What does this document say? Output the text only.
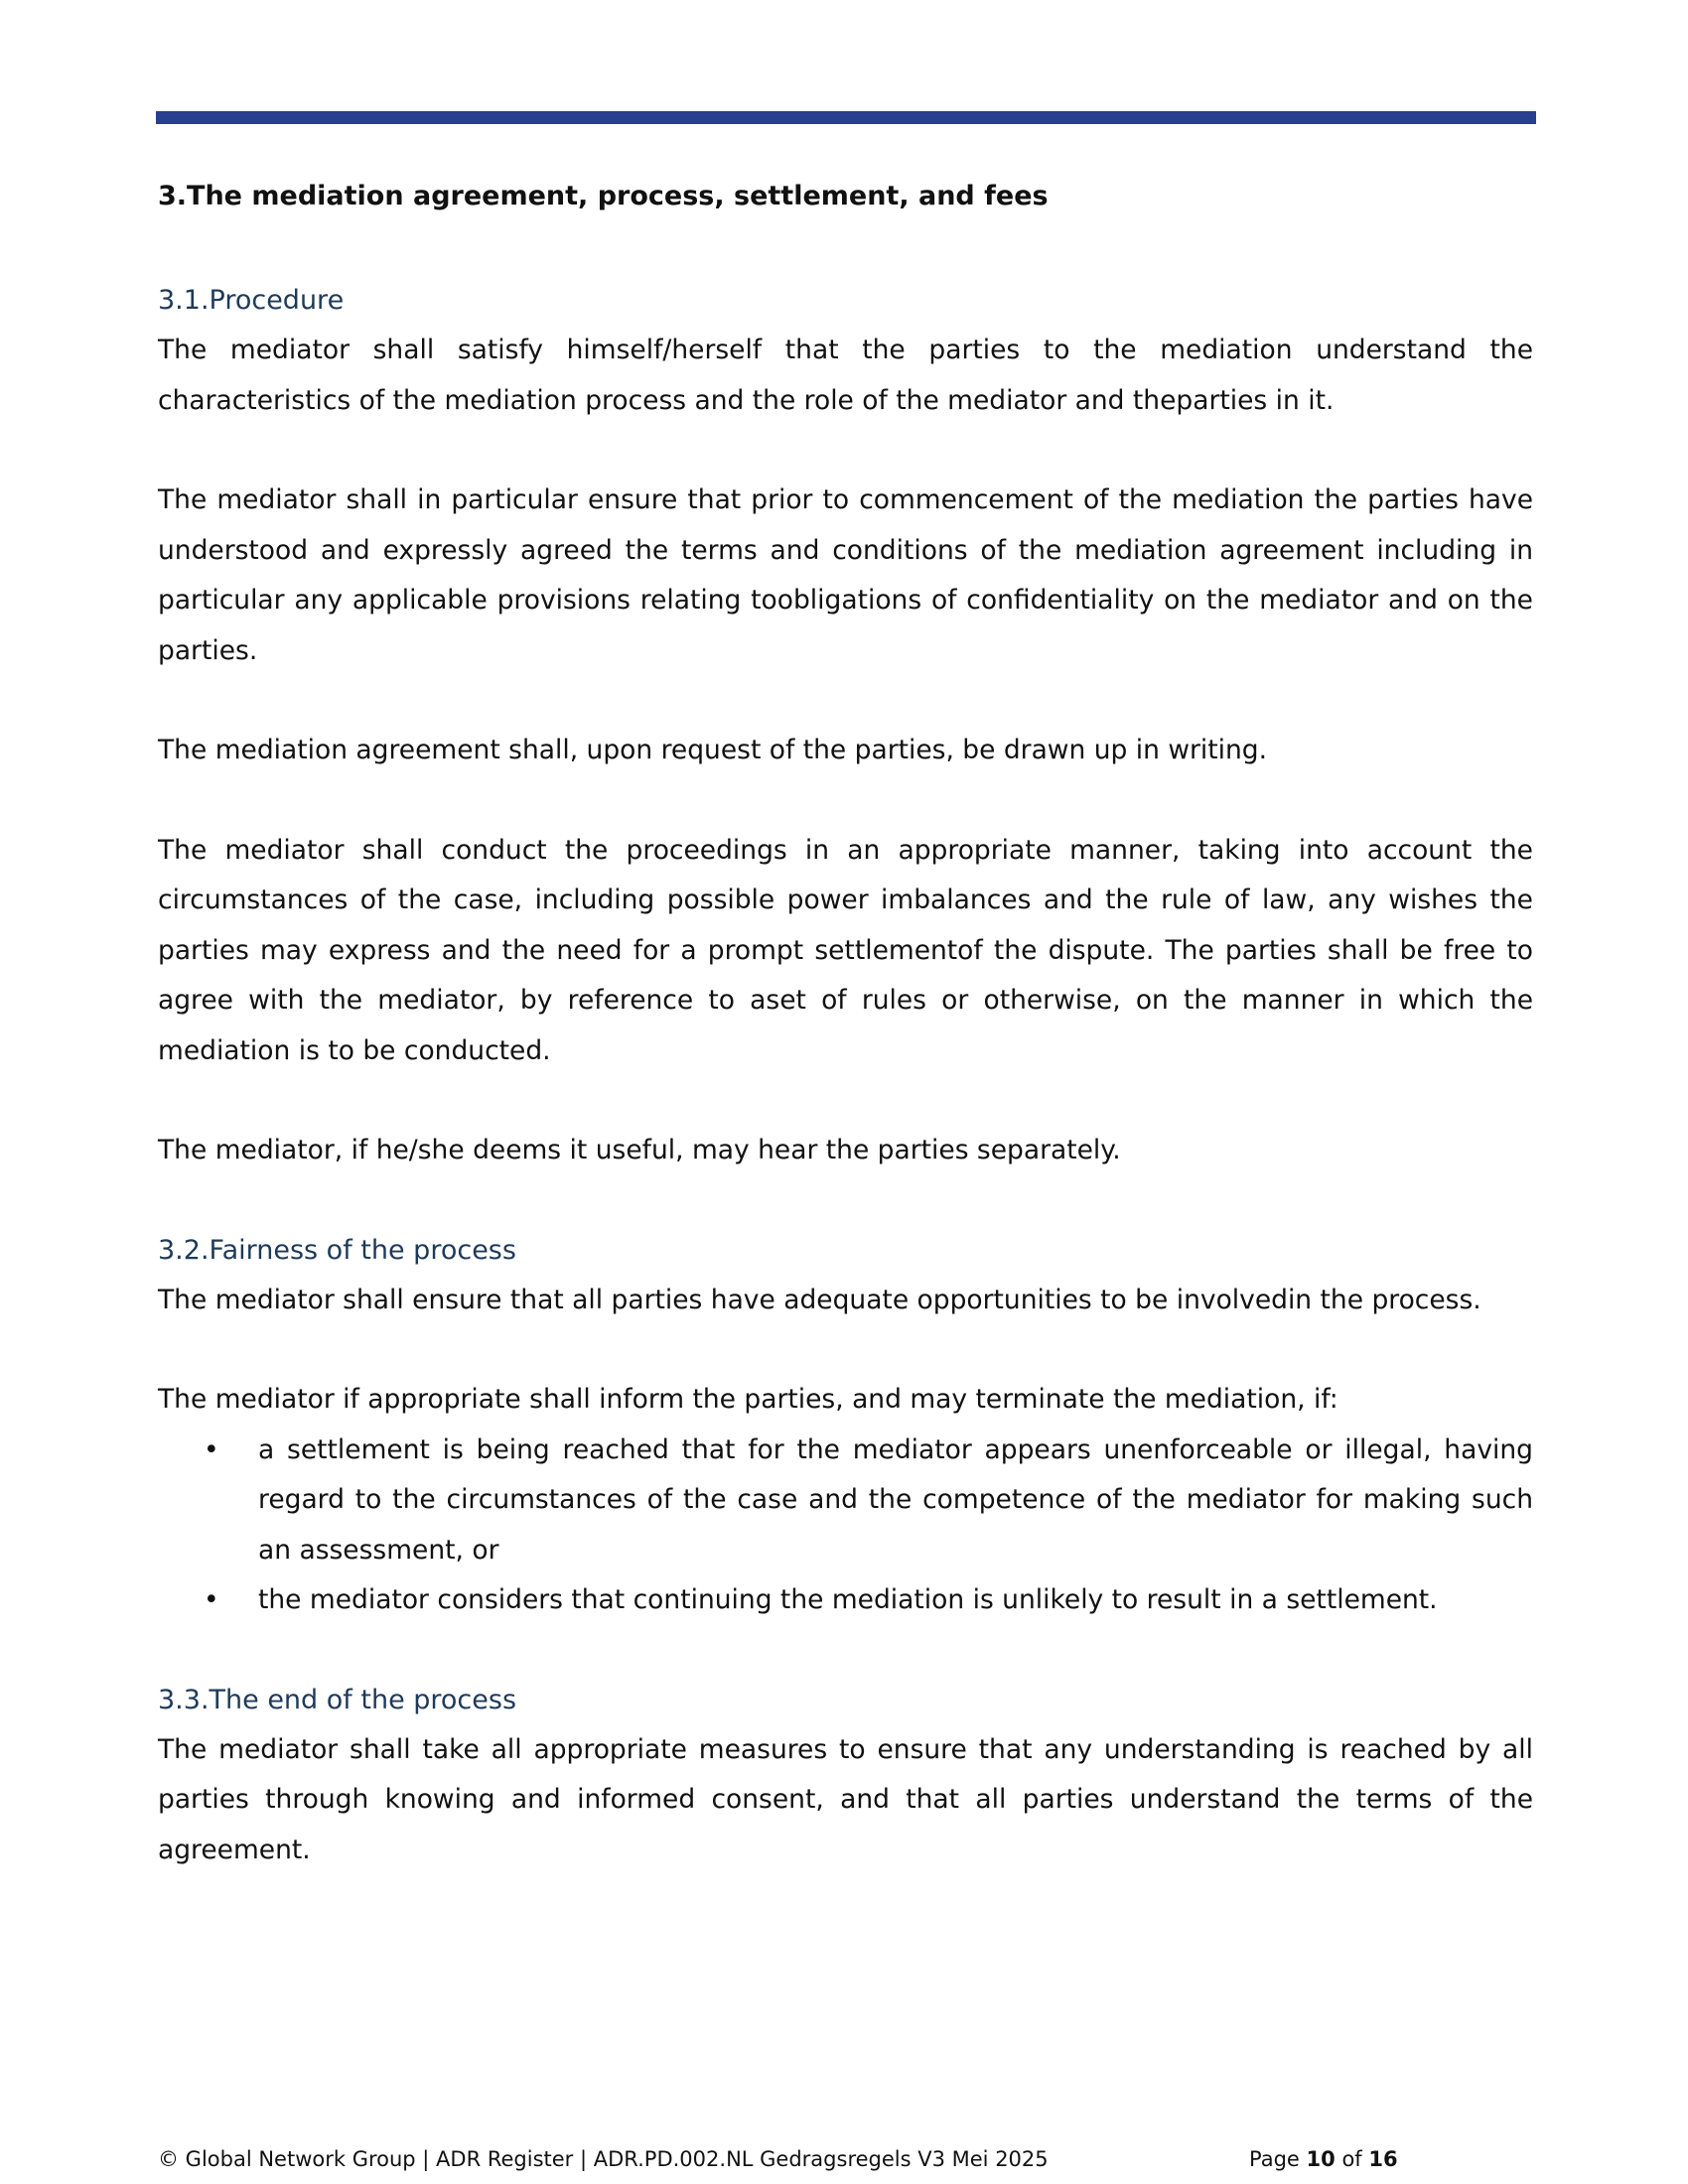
3.The mediation agreement, process, settlement, and fees
3.1.Procedure

The mediator shall satisfy himself/herself that the parties to the mediation understand the characteristics of the mediation process and the role of the mediator and theparties in it.

The mediator shall in particular ensure that prior to commencement of the mediation the parties have understood and expressly agreed the terms and conditions of the mediation agreement including in particular any applicable provisions relating toobligations of confidentiality on the mediator and on the parties.

The mediation agreement shall, upon request of the parties, be drawn up in writing.

The mediator shall conduct the proceedings in an appropriate manner, taking into account the circumstances of the case, including possible power imbalances and the rule of law, any wishes the parties may express and the need for a prompt settlementof the dispute. The parties shall be free to agree with the mediator, by reference to aset of rules or otherwise, on the manner in which the mediation is to be conducted.

The mediator, if he/she deems it useful, may hear the parties separately.

3.2.Fairness of the process

The mediator shall ensure that all parties have adequate opportunities to be involvedin the process.

The mediator if appropriate shall inform the parties, and may terminate the mediation, if:

• a settlement is being reached that for the mediator appears unenforceable or illegal, having regard to the circumstances of the case and the competence of the mediator for making such an assessment, or
• the mediator considers that continuing the mediation is unlikely to result in a settlement.
3.3.The end of the process

The mediator shall take all appropriate measures to ensure that any understanding is reached by all parties through knowing and informed consent, and that all parties understand the terms of the agreement.

© Global Network Group | ADR Register | ADR.PD.002.NL Gedragsregels V3 Mei 2025	Page 10 of 16
